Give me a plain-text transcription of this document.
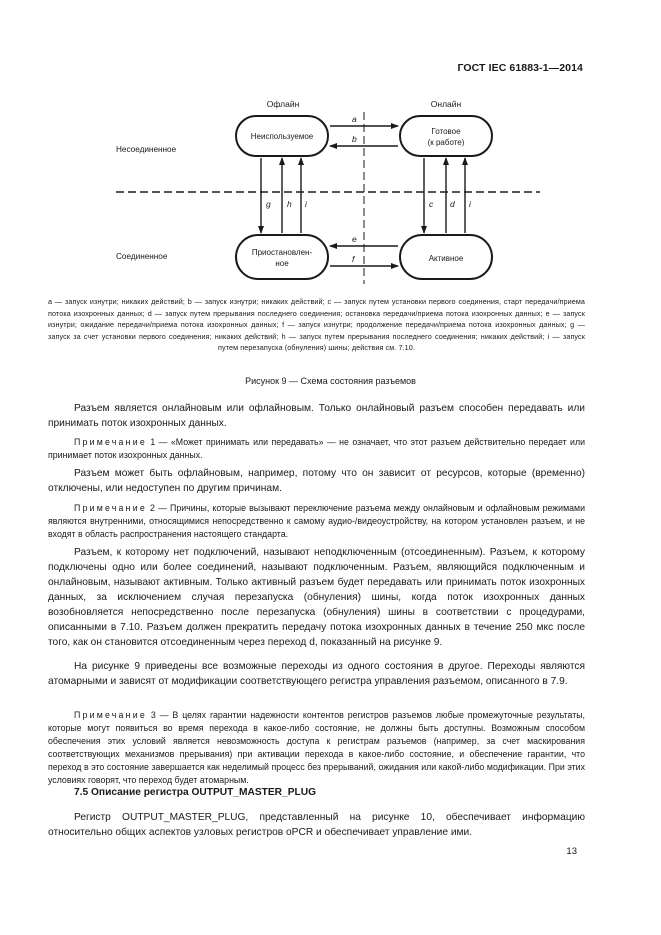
ГОСТ IEC 61883-1—2014
Офлайн	Онлайн
Несоединенное
Соединенное
Неиспользуемое
Готовое
(к работе)
Приостановлен-
ное
Активное
a
b
e
f
g h i	c d i
a — запуск изнутри; никаких действий; b — запуск изнутри; никаких действий; c — запуск путем установки первого соединения, старт передачи/приема потока изохронных данных; d — запуск путем прерывания последнего соединения; остановка передачи/приема потока изохронных данных; e — запуск изнутри; ожидание передачи/приема потока изохронных данных; f — запуск изнутри; продолжение передачи/приема потока изохронных данных; g — запуск за счет установки первого соединения; никаких действий; h — запуск путем прерывания последнего соединения; никаких действий; i — запуск путем перезапуска (обнуления) шины; действия см. 7.10.
Рисунок 9 — Схема состояния разъемов
Разъем является онлайновым или офлайновым. Только онлайновый разъем способен передавать или принимать поток изохронных данных.
Примечание 1 — «Может принимать или передавать» — не означает, что этот разъем действительно передает или принимает поток изохронных данных.
Разъем может быть офлайновым, например, потому что он зависит от ресурсов, которые (временно) отключены, или недоступен по другим причинам.
Примечание 2 — Причины, которые вызывают переключение разъема между онлайновым и офлайновым режимами являются внутренними, относящимися непосредственно к самому аудио-/видеоустройству, на котором установлен разъем, и не входят в область распространения настоящего стандарта.
Разъем, к которому нет подключений, называют неподключенным (отсоединенным). Разъем, к которому подключены одно или более соединений, называют подключенным. Разъем, являющийся подключенным и онлайновым, называют активным. Только активный разъем будет передавать или принимать поток изохронных данных, за исключением случая перезапуска (обнуления) шины, когда поток изохронных данных возобновляется непосредственно после перезапуска (обнуления) шины в соответствии с процедурами, описанными в 7.10. Разъем должен прекратить передачу потока изохронных данных в течение 250 мкс после того, как он становится отсоединенным через переход d, показанный на рисунке 9.
На рисунке 9 приведены все возможные переходы из одного состояния в другое. Переходы являются атомарными и зависят от модификации соответствующего регистра управления разъемом, описанного в 7.9.
Примечание 3 — В целях гарантии надежности контентов регистров разъемов любые промежуточные результаты, которые могут появиться во время перехода в какое-либо состояние, не должны быть доступны. Возможным способом обеспечения этих условий является невозможность доступа к регистрам разъемов (например, за счет маскирования соответствующих механизмов прерывания) при активации перехода в какое-либо состояние, и обеспечение гарантии, что переход в это состояние завершается как неделимый процесс без прерываний, ожидания или какой-либо модификации. При этих условиях говорят, что переход будет атомарным.
7.5 Описание регистра OUTPUT_MASTER_PLUG
Регистр OUTPUT_MASTER_PLUG, представленный на рисунке 10, обеспечивает информацию относительно общих аспектов узловых регистров oPCR и обеспечивает управление ими.
13
